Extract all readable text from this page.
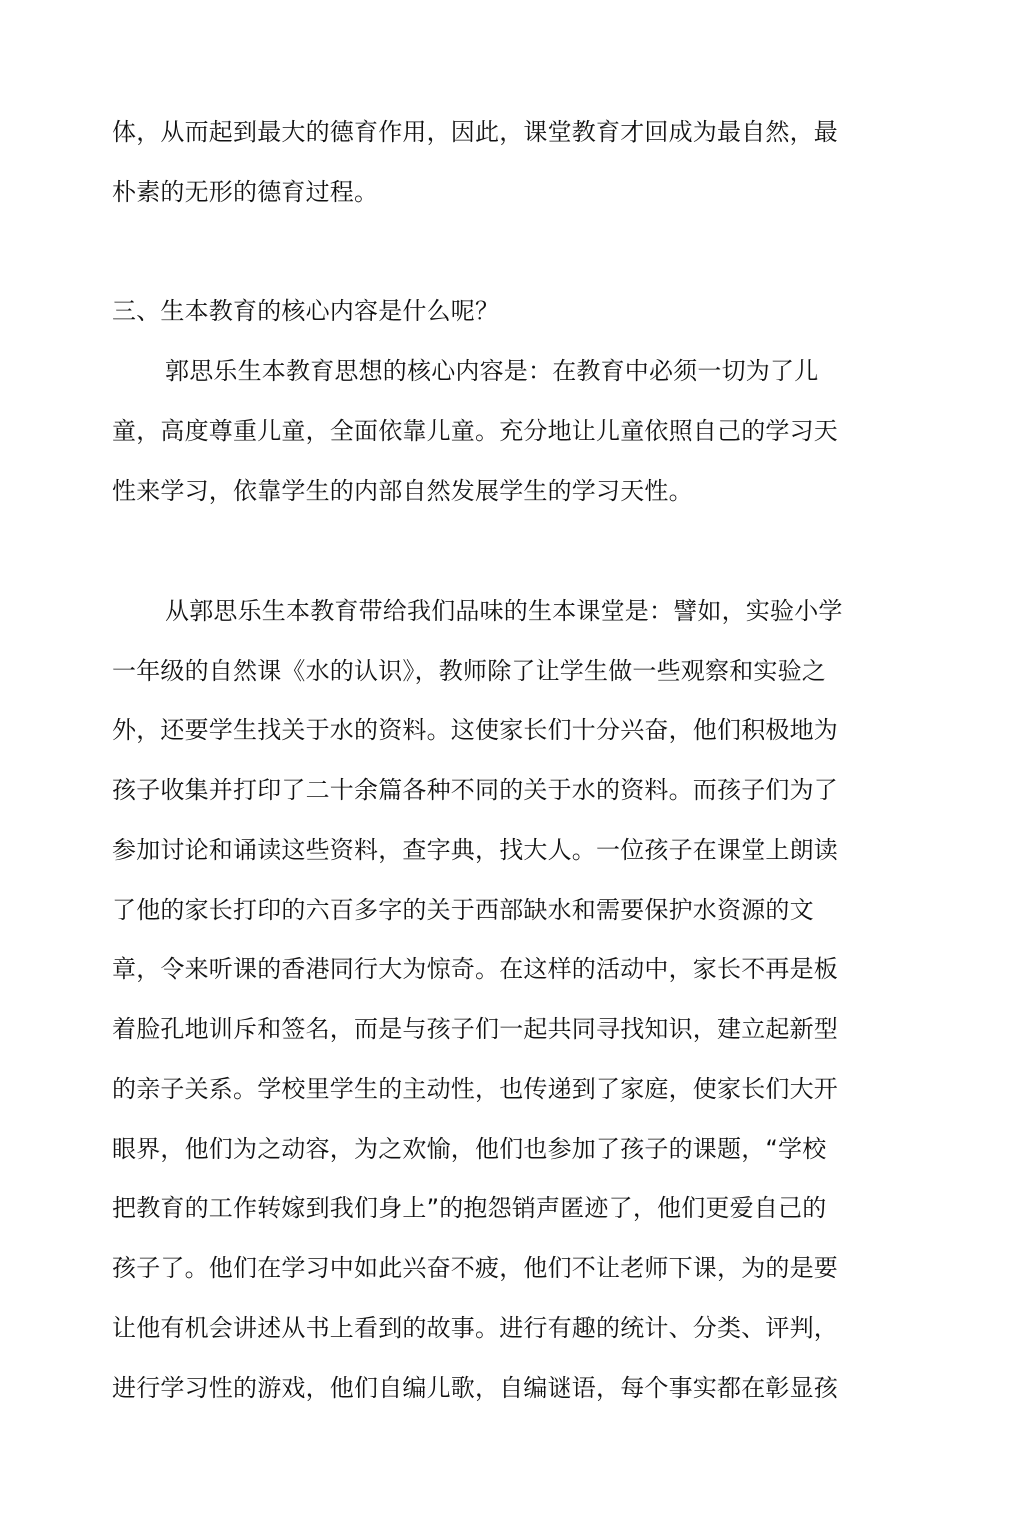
体，从而起到最大的德育作用，因此，课堂教育才回成为最自然，最
朴素的无形的德育过程。
三、生本教育的核心内容是什么呢？
郭思乐生本教育思想的核心内容是：在教育中必须一切为了儿
童，高度尊重儿童，全面依靠儿童。充分地让儿童依照自己的学习天
性来学习，依靠学生的内部自然发展学生的学习天性。
从郭思乐生本教育带给我们品味的生本课堂是：譬如，实验小学
一年级的自然课《水的认识》，教师除了让学生做一些观察和实验之
外，还要学生找关于水的资料。这使家长们十分兴奋，他们积极地为
孩子收集并打印了二十余篇各种不同的关于水的资料。而孩子们为了
参加讨论和诵读这些资料，查字典，找大人。一位孩子在课堂上朗读
了他的家长打印的六百多字的关于西部缺水和需要保护水资源的文
章，令来听课的香港同行大为惊奇。在这样的活动中，家长不再是板
着脸孔地训斥和签名，而是与孩子们一起共同寻找知识，建立起新型
的亲子关系。学校里学生的主动性，也传递到了家庭，使家长们大开
眼界，他们为之动容，为之欢愉，他们也参加了孩子的课题，“学校
把教育的工作转嫁到我们身上”的抱怨销声匿迹了，他们更爱自己的
孩子了。他们在学习中如此兴奋不疲，他们不让老师下课，为的是要
让他有机会讲述从书上看到的故事。进行有趣的统计、分类、评判，
进行学习性的游戏，他们自编儿歌，自编谜语，每个事实都在彰显孩
